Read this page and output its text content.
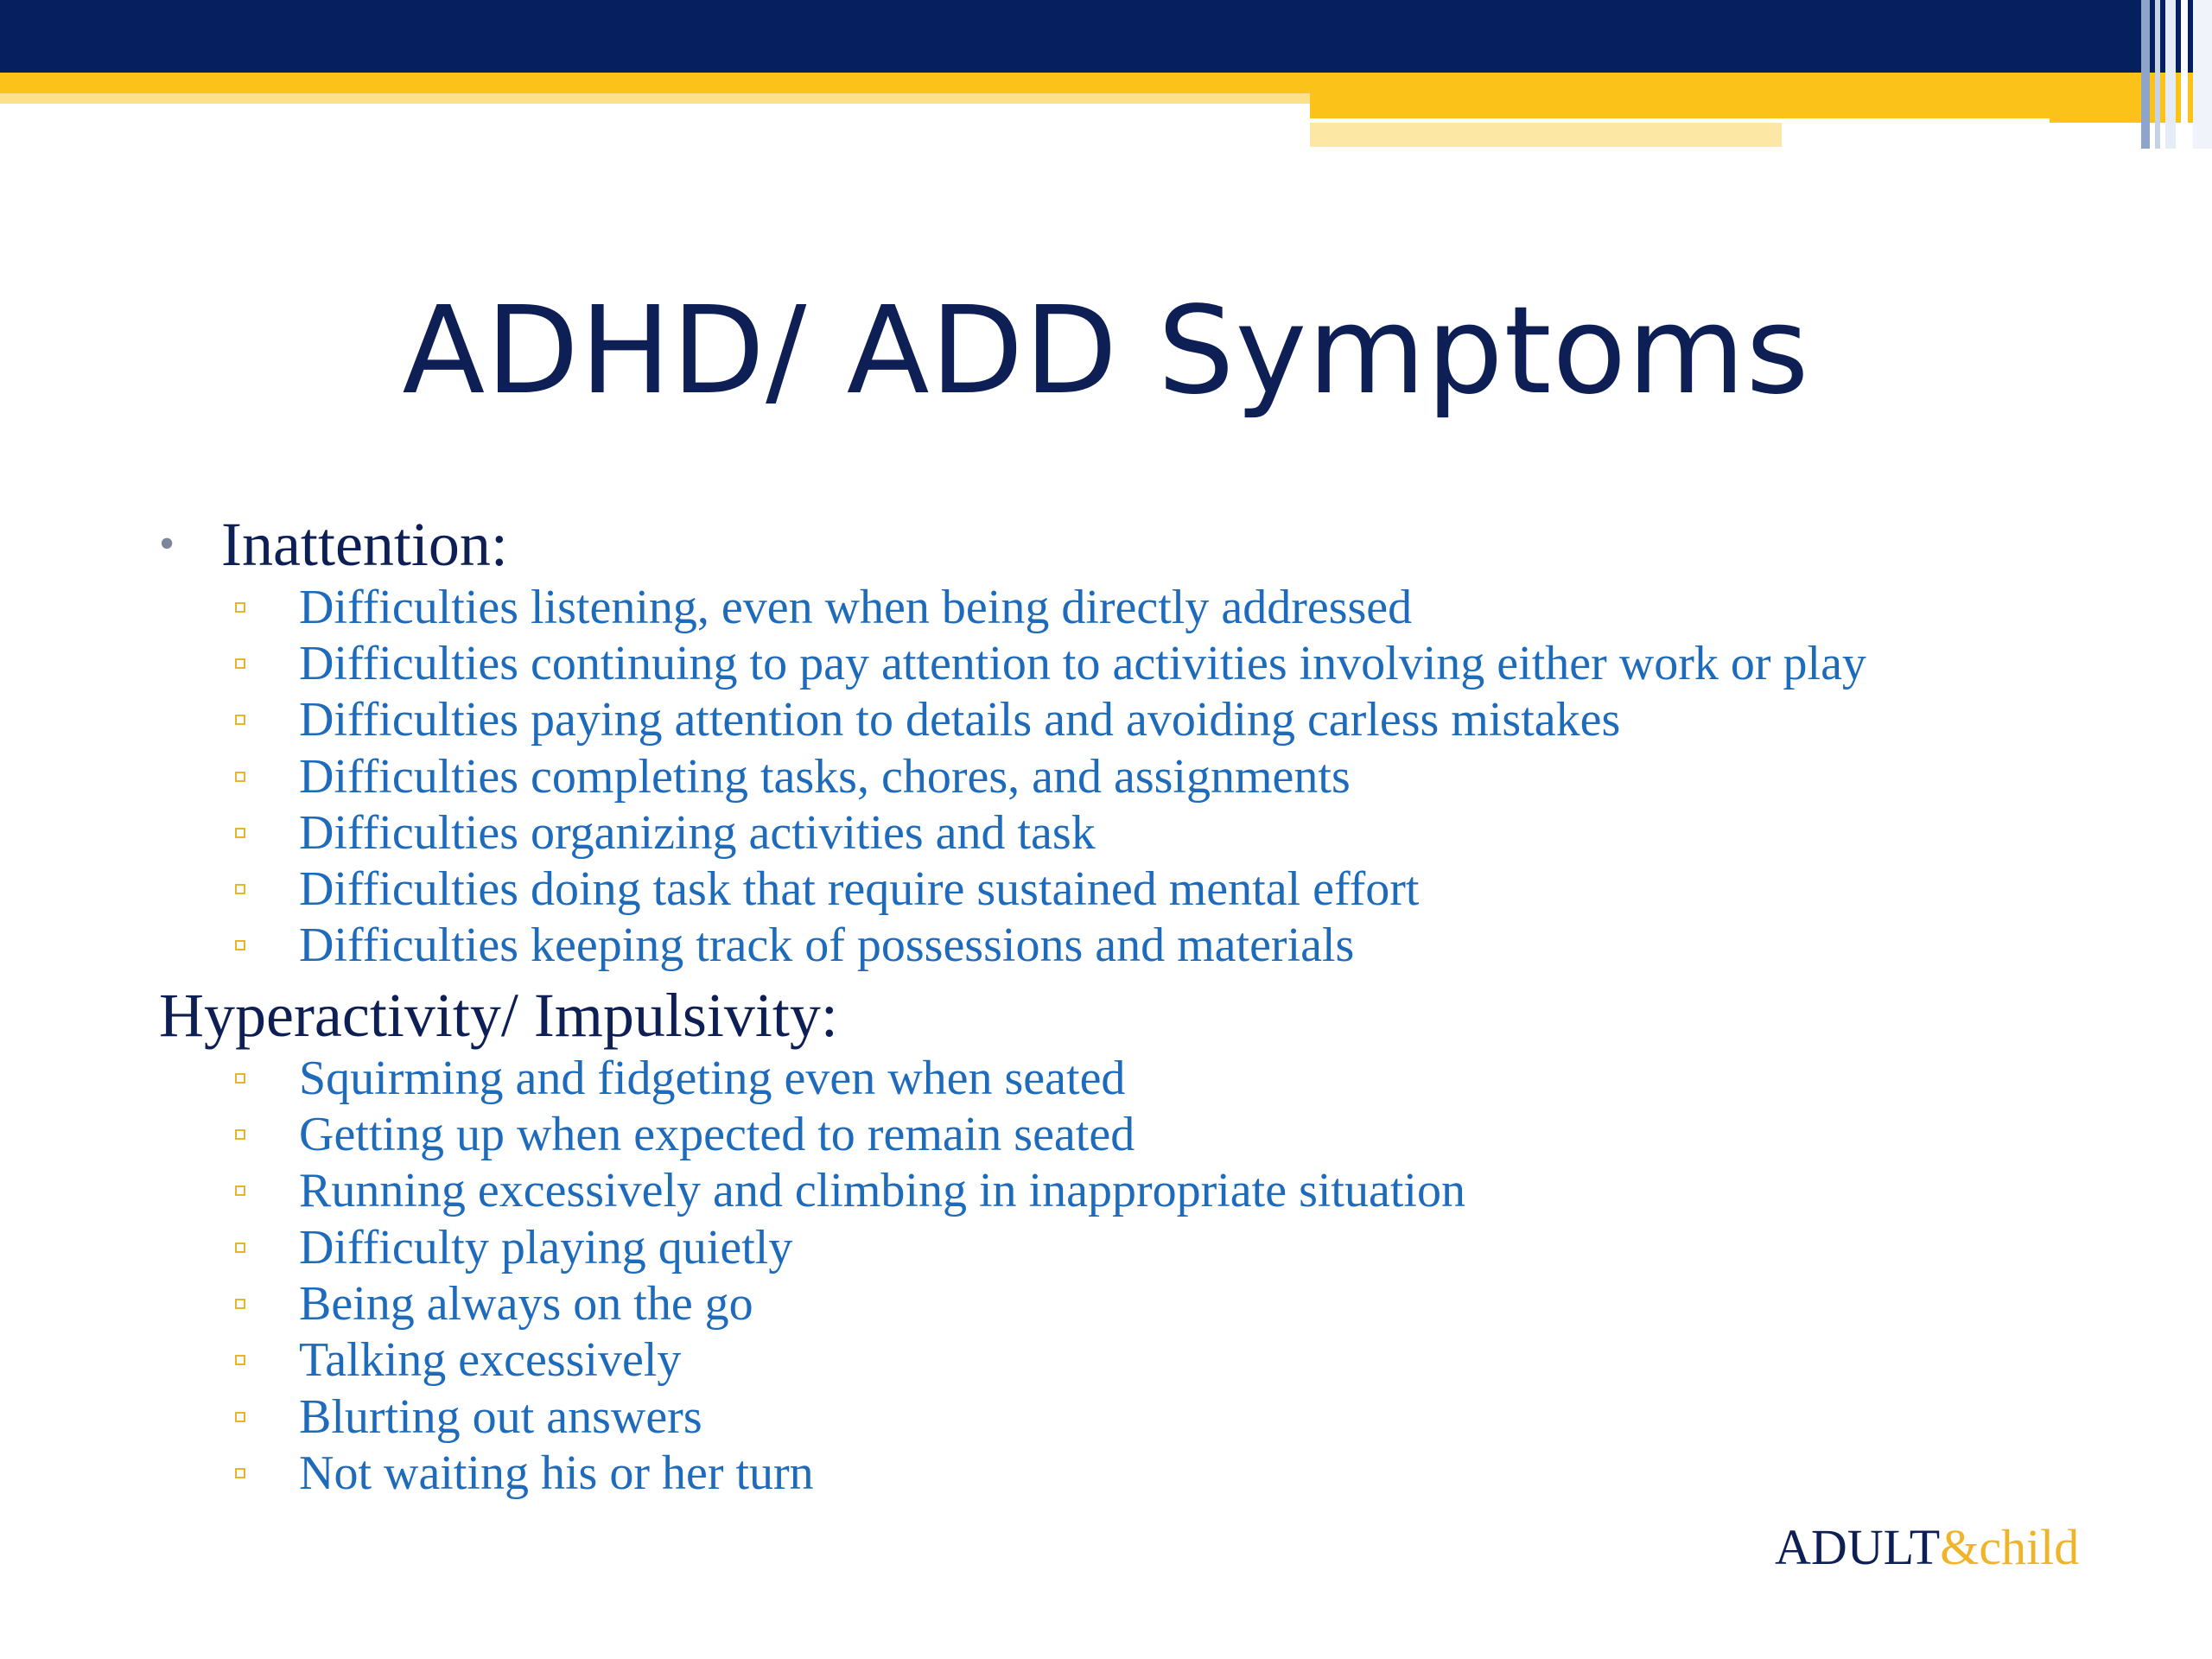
ADHD/ ADD Symptoms
• Inattention:
Difficulties listening, even when being directly addressed
Difficulties continuing to pay attention to activities involving either work or play
Difficulties paying attention to details and avoiding carless mistakes
Difficulties completing tasks, chores, and assignments
Difficulties organizing activities and task
Difficulties doing task that require sustained mental effort
Difficulties keeping track of possessions and materials
Hyperactivity/ Impulsivity:
Squirming and fidgeting even when seated
Getting up when expected to remain seated
Running excessively and climbing in inappropriate situation
Difficulty playing quietly
Being always on the go
Talking excessively
Blurting out answers
Not waiting his or her turn
ADULT&child
